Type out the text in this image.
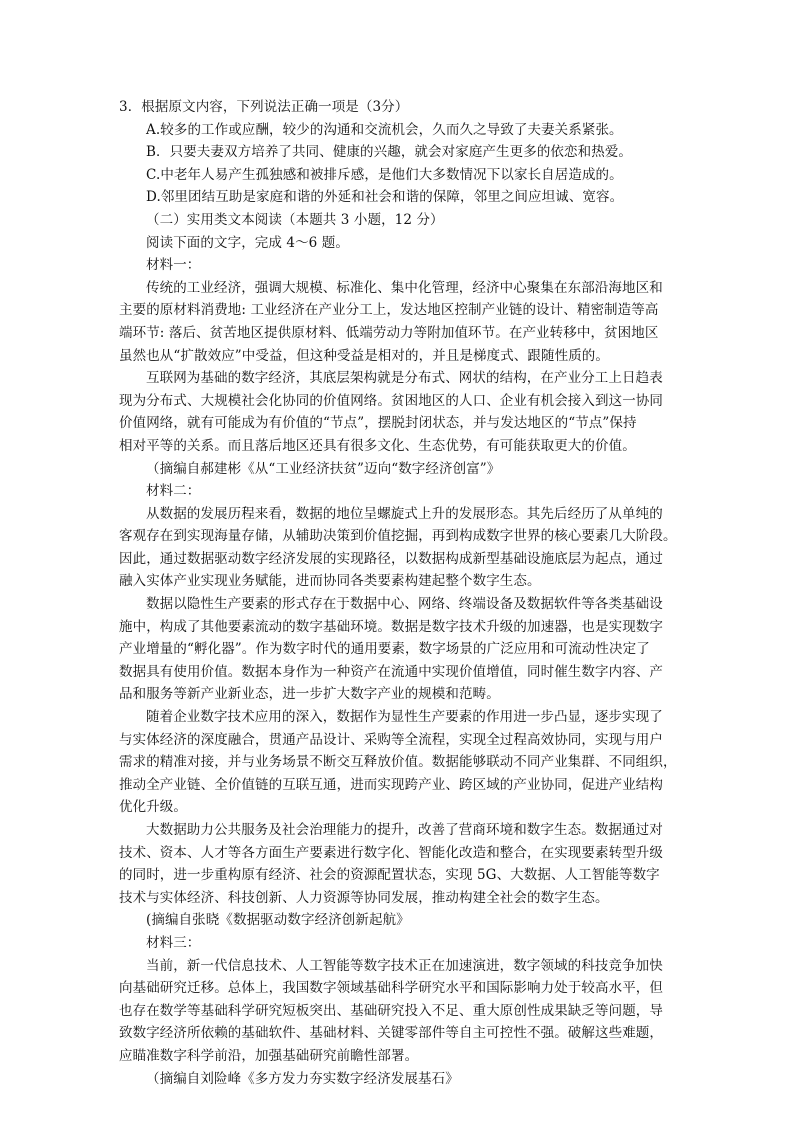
3．根据原文内容，下列说法正确一项是（3分）
A.较多的工作或应酬，较少的沟通和交流机会，久而久之导致了夫妻关系紧张。
B．只要夫妻双方培养了共同、健康的兴趣，就会对家庭产生更多的依恋和热爱。
C.中老年人易产生孤独感和被排斥感，是他们大多数情况下以家长自居造成的。
D.邻里团结互助是家庭和谐的外延和社会和谐的保障，邻里之间应坦诚、宽容。
（二）实用类文本阅读（本题共 3 小题，12 分）
阅读下面的文字，完成 4～6 题。
材料一：
传统的工业经济，强调大规模、标准化、集中化管理，经济中心聚集在东部沿海地区和
主要的原材料消费地: 工业经济在产业分工上，发达地区控制产业链的设计、精密制造等高
端环节: 落后、贫苦地区提供原材料、低端劳动力等附加值环节。在产业转移中，贫困地区
虽然也从“扩散效应”中受益，但这种受益是相对的，并且是梯度式、跟随性质的。
互联网为基础的数字经济，其底层架构就是分布式、网状的结构，在产业分工上日趋表
现为分布式、大规模社会化协同的价值网络。贫困地区的人口、企业有机会接入到这一协同
价值网络，就有可能成为有价值的“节点”，摆脱封闭状态，并与发达地区的“节点”保持
相对平等的关系。而且落后地区还具有很多文化、生态优势，有可能获取更大的价值。
（摘编自郝建彬《从“工业经济扶贫”迈向“数字经济创富”》
材料二：
从数据的发展历程来看，数据的地位呈螺旋式上升的发展形态。其先后经历了从单纯的
客观存在到实现海量存储，从辅助决策到价值挖掘，再到构成数字世界的核心要素几大阶段。
因此，通过数据驱动数字经济发展的实现路径，以数据构成新型基础设施底层为起点，通过
融入实体产业实现业务赋能，进而协同各类要素构建起整个数字生态。
数据以隐性生产要素的形式存在于数据中心、网络、终端设备及数据软件等各类基础设
施中，构成了其他要素流动的数字基础环境。数据是数字技术升级的加速器，也是实现数字
产业增量的“孵化器”。作为数字时代的通用要素，数字场景的广泛应用和可流动性决定了
数据具有使用价值。数据本身作为一种资产在流通中实现价值增值，同时催生数字内容、产
品和服务等新产业新业态，进一步扩大数字产业的规模和范畴。
随着企业数字技术应用的深入，数据作为显性生产要素的作用进一步凸显，逐步实现了
与实体经济的深度融合，贯通产品设计、采购等全流程，实现全过程高效协同，实现与用户
需求的精准对接，并与业务场景不断交互释放价值。数据能够联动不同产业集群、不同组织，
推动全产业链、全价值链的互联互通，进而实现跨产业、跨区域的产业协同，促进产业结构
优化升级。
大数据助力公共服务及社会治理能力的提升，改善了营商环境和数字生态。数据通过对
技术、资本、人才等各方面生产要素进行数字化、智能化改造和整合，在实现要素转型升级
的同时，进一步重构原有经济、社会的资源配置状态，实现 5G、大数据、人工智能等数字
技术与实体经济、科技创新、人力资源等协同发展，推动构建全社会的数字生态。
(摘编自张晓《数据驱动数字经济创新起航》
材料三：
当前，新一代信息技术、人工智能等数字技术正在加速演进，数字领域的科技竞争加快
向基础研究迁移。总体上，我国数字领域基础科学研究水平和国际影响力处于较高水平，但
也存在数学等基础科学研究短板突出、基础研究投入不足、重大原创性成果缺乏等问题，导
致数字经济所依赖的基础软件、基础材料、关键零部件等自主可控性不强。破解这些难题，
应瞄准数字科学前沿，加强基础研究前瞻性部署。
（摘编自刘险峰《多方发力夯实数字经济发展基石》
